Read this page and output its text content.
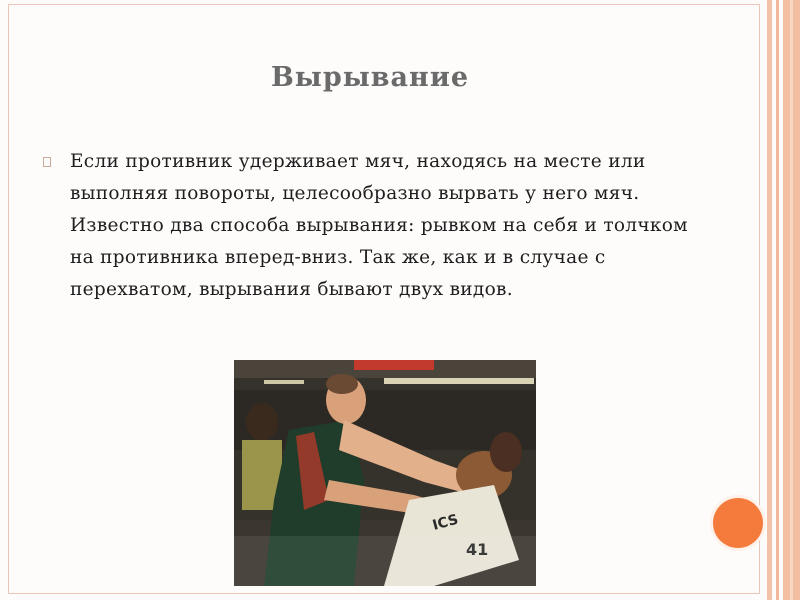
Вырывание
Если противник удерживает мяч, находясь на месте или выполняя повороты, целесообразно вырвать у него мяч. Известно два способа вырывания: рывком на себя и толчком на противника вперед-вниз. Так же, как и в случае с перехватом, вырывания бывают двух видов.
ICS
41
